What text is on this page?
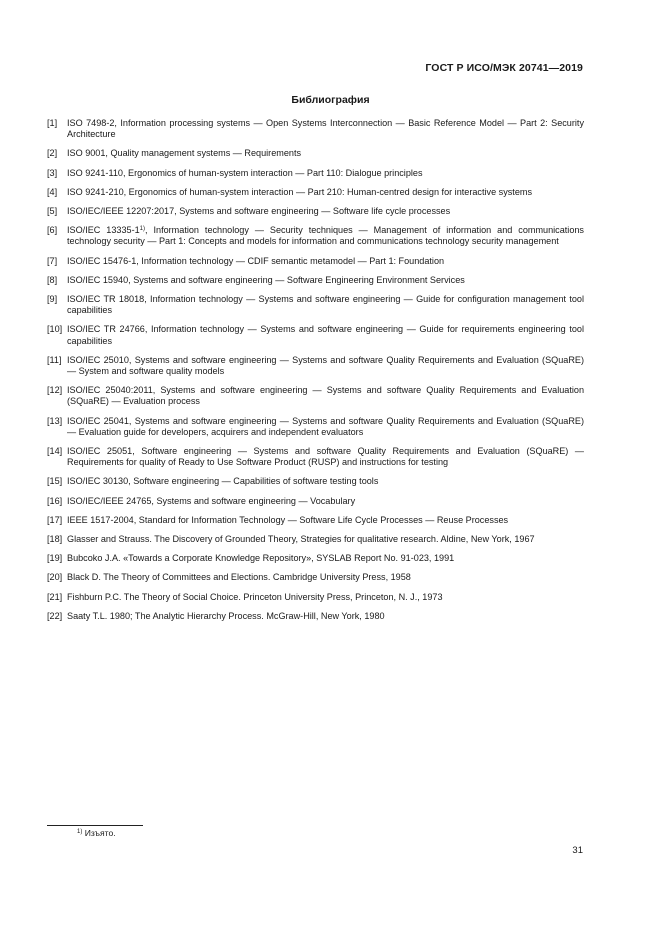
ГОСТ Р ИСО/МЭК 20741—2019
Библиография
[1]	ISO 7498-2, Information processing systems — Open Systems Interconnection — Basic Reference Model — Part 2: Security Architecture
[2]	ISO 9001, Quality management systems — Requirements
[3]	ISO 9241-110, Ergonomics of human-system interaction — Part 110: Dialogue principles
[4]	ISO 9241-210, Ergonomics of human-system interaction — Part 210: Human-centred design for interactive systems
[5]	ISO/IEC/IEEE 12207:2017, Systems and software engineering — Software life cycle processes
[6]	ISO/IEC 13335-1$^{1)}$, Information technology — Security techniques — Management of information and communications technology security — Part 1: Concepts and models for information and communications technology security management
[7]	ISO/IEC 15476-1, Information technology — CDIF semantic metamodel — Part 1: Foundation
[8]	ISO/IEC 15940, Systems and software engineering — Software Engineering Environment Services
[9]	ISO/IEC TR 18018, Information technology — Systems and software engineering — Guide for configuration management tool capabilities
[10] ISO/IEC TR 24766, Information technology — Systems and software engineering — Guide for requirements engineering tool capabilities
[11] ISO/IEC 25010, Systems and software engineering — Systems and software Quality Requirements and Evaluation (SQuaRE) — System and software quality models
[12] ISO/IEC 25040:2011, Systems and software engineering — Systems and software Quality Requirements and Evaluation (SQuaRE) — Evaluation process
[13] ISO/IEC 25041, Systems and software engineering — Systems and software Quality Requirements and Evaluation (SQuaRE) — Evaluation guide for developers, acquirers and independent evaluators
[14] ISO/IEC 25051, Software engineering — Systems and software Quality Requirements and Evaluation (SQuaRE) — Requirements for quality of Ready to Use Software Product (RUSP) and instructions for testing
[15] ISO/IEC 30130, Software engineering — Capabilities of software testing tools
[16] ISO/IEC/IEEE 24765, Systems and software engineering — Vocabulary
[17] IEEE 1517-2004, Standard for Information Technology — Software Life Cycle Processes — Reuse Processes
[18] Glasser and Strauss. The Discovery of Grounded Theory, Strategies for qualitative research. Aldine, New York, 1967
[19] Bubcoko J.A. «Towards a Corporate Knowledge Repository», SYSLAB Report No. 91-023, 1991
[20] Black D. The Theory of Committees and Elections. Cambridge University Press, 1958
[21] Fishburn P.C. The Theory of Social Choice. Princeton University Press, Princeton, N. J., 1973
[22] Saaty T.L. 1980; The Analytic Hierarchy Process. McGraw-Hill, New York, 1980
$^{1)}$ Изъято.
31
